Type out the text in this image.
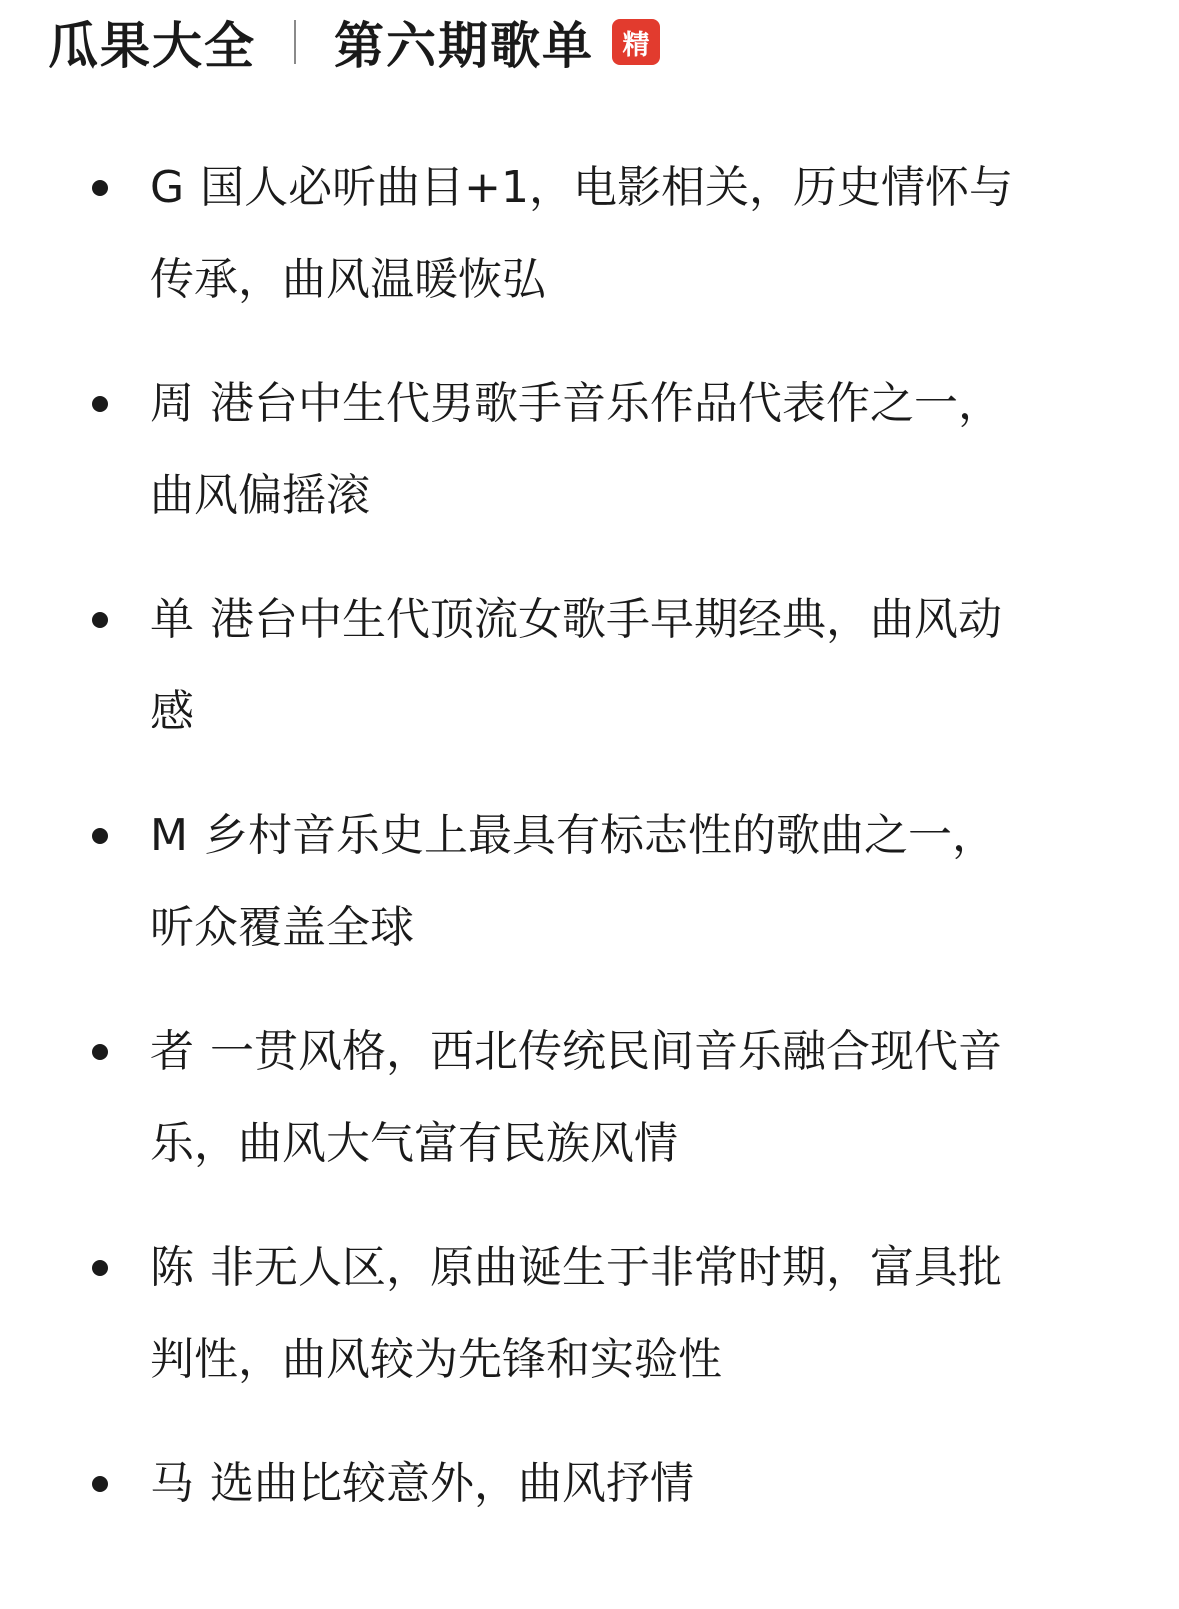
瓜果大全 第六期歌单	精
G 国人必听曲目+1，电影相关，历史情怀与传承，曲风温暖恢弘
周 港台中生代男歌手音乐作品代表作之一，曲风偏摇滚
单 港台中生代顶流女歌手早期经典，曲风动感
M 乡村音乐史上最具有标志性的歌曲之一，听众覆盖全球
者 一贯风格，西北传统民间音乐融合现代音乐，曲风大气富有民族风情
陈 非无人区，原曲诞生于非常时期，富具批判性，曲风较为先锋和实验性
马 选曲比较意外，曲风抒情
